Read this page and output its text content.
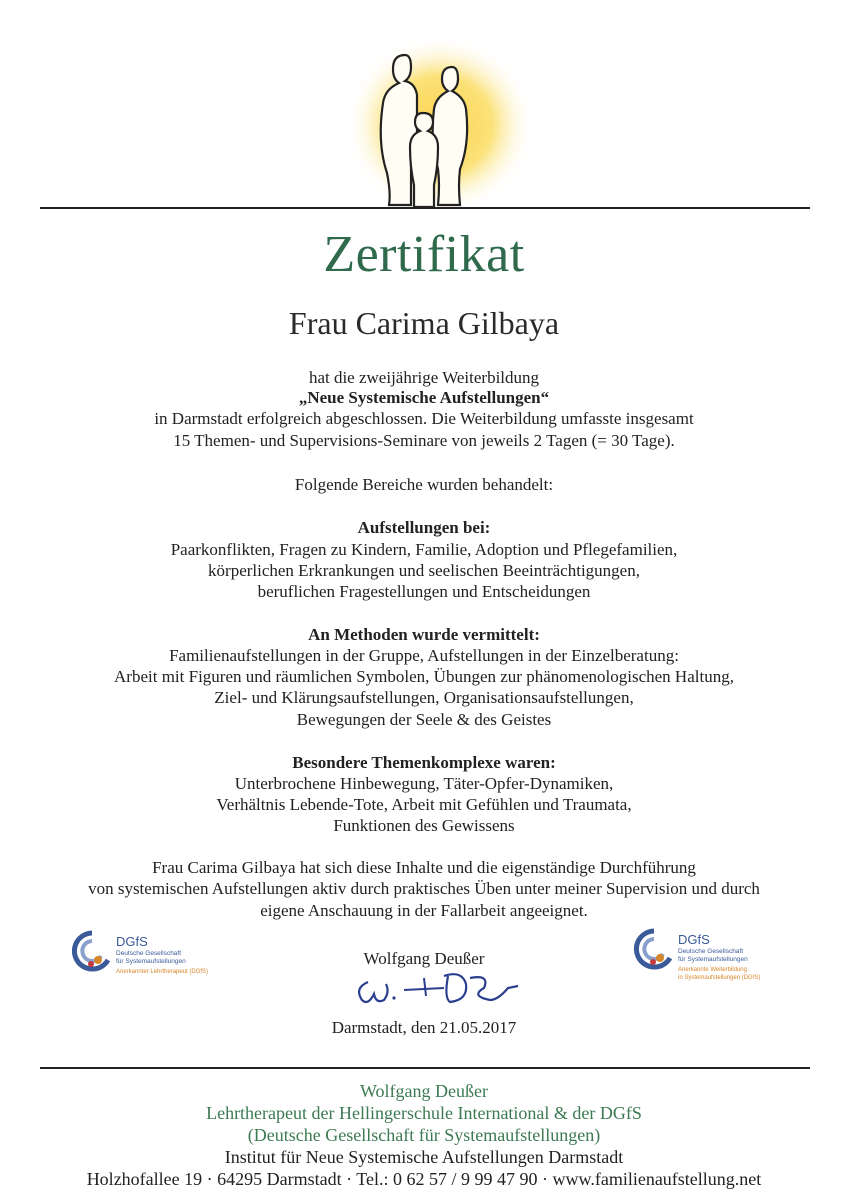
Zertifikat
Frau Carima Gilbaya
hat die zweijährige Weiterbildung
„Neue Systemische Aufstellungen“
in Darmstadt erfolgreich abgeschlossen. Die Weiterbildung umfasste insgesamt
15 Themen- und Supervisions-Seminare von jeweils 2 Tagen (= 30 Tage).
Folgende Bereiche wurden behandelt:
Aufstellungen bei:
Paarkonflikten, Fragen zu Kindern, Familie, Adoption und Pflegefamilien,
körperlichen Erkrankungen und seelischen Beeinträchtigungen,
beruflichen Fragestellungen und Entscheidungen
An Methoden wurde vermittelt:
Familienaufstellungen in der Gruppe, Aufstellungen in der Einzelberatung:
Arbeit mit Figuren und räumlichen Symbolen, Übungen zur phänomenologischen Haltung,
Ziel- und Klärungsaufstellungen, Organisationsaufstellungen,
Bewegungen der Seele & des Geistes
Besondere Themenkomplexe waren:
Unterbrochene Hinbewegung, Täter-Opfer-Dynamiken,
Verhältnis Lebende-Tote, Arbeit mit Gefühlen und Traumata,
Funktionen des Gewissens
Frau Carima Gilbaya hat sich diese Inhalte und die eigenständige Durchführung
von systemischen Aufstellungen aktiv durch praktisches Üben unter meiner Supervision und durch
eigene Anschauung in der Fallarbeit angeeignet.
DGfS
Deutsche Gesellschaft
für Systemaufstellungen
Anerkannter Lehrtherapeut (DGfS)
Wolfgang Deußer
Darmstadt, den 21.05.2017
DGfS
Deutsche Gesellschaft
für Systemaufstellungen
Anerkannte Weiterbildung
in Systemaufstellungen (DGfS)
Wolfgang Deußer
Lehrtherapeut der Hellingerschule International & der DGfS
(Deutsche Gesellschaft für Systemaufstellungen)
Institut für Neue Systemische Aufstellungen Darmstadt
Holzhofallee 19 · 64295 Darmstadt · Tel.: 0 62 57 / 9 99 47 90 · www.familienaufstellung.net
